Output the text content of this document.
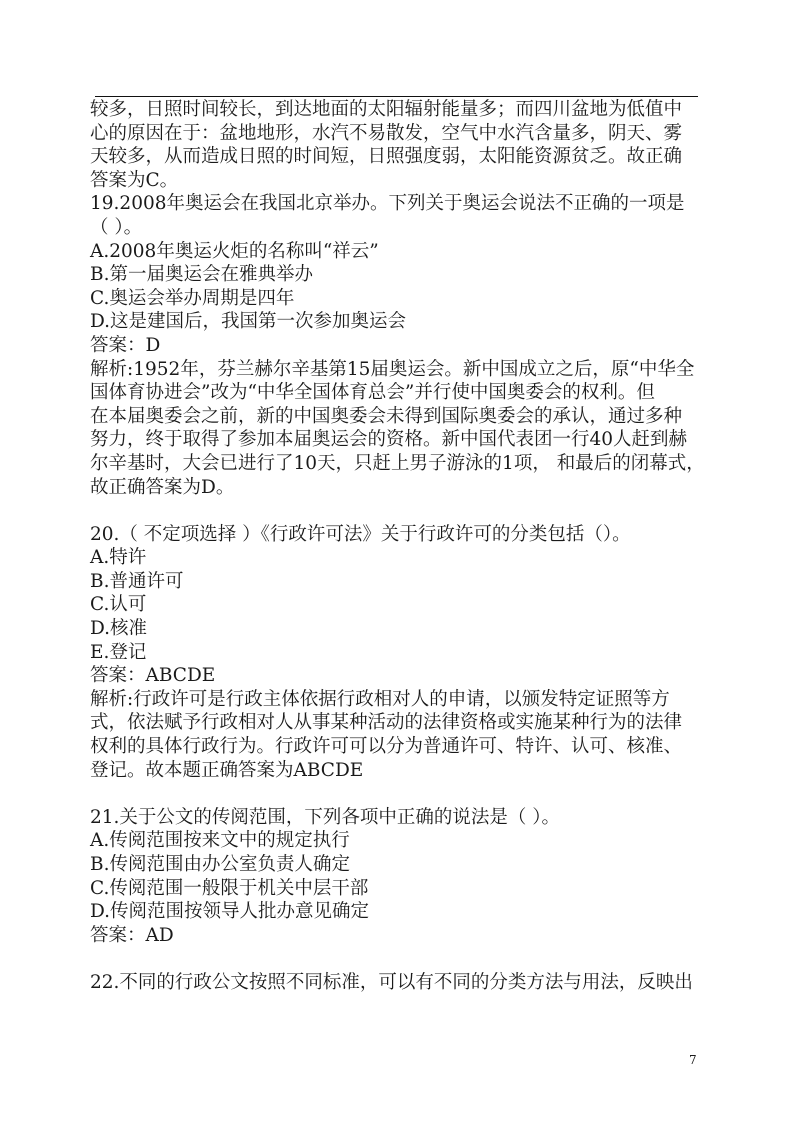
较多，日照时间较长，到达地面的太阳辐射能量多；而四川盆地为低值中
心的原因在于：盆地地形，水汽不易散发，空气中水汽含量多，阴天、雾
天较多，从而造成日照的时间短，日照强度弱，太阳能资源贫乏。故正确
答案为C。
19.2008年奥运会在我国北京举办。下列关于奥运会说法不正确的一项是
（ ）。
A.2008年奥运火炬的名称叫“祥云”
B.第一届奥运会在雅典举办
C.奥运会举办周期是四年
D.这是建国后，我国第一次参加奥运会
答案：D
解析:1952年，芬兰赫尔辛基第15届奥运会。新中国成立之后，原“中华全
国体育协进会”改为“中华全国体育总会”并行使中国奥委会的权利。但
在本届奥委会之前，新的中国奥委会未得到国际奥委会的承认，通过多种
努力，终于取得了参加本届奥运会的资格。新中国代表团一行40人赶到赫
尔辛基时，大会已进行了10天，只赶上男子游泳的1项， 和最后的闭幕式，
故正确答案为D。
20.（ 不定项选择 ）《行政许可法》关于行政许可的分类包括（）。
A.特许
B.普通许可
C.认可
D.核准
E.登记
答案：ABCDE
解析:行政许可是行政主体依据行政相对人的申请，以颁发特定证照等方
式，依法赋予行政相对人从事某种活动的法律资格或实施某种行为的法律
权利的具体行政行为。行政许可可以分为普通许可、特许、认可、核准、
登记。故本题正确答案为ABCDE
21.关于公文的传阅范围，下列各项中正确的说法是（ ）。
A.传阅范围按来文中的规定执行
B.传阅范围由办公室负责人确定
C.传阅范围一般限于机关中层干部
D.传阅范围按领导人批办意见确定
答案：AD
22.不同的行政公文按照不同标准，可以有不同的分类方法与用法，反映出
7
